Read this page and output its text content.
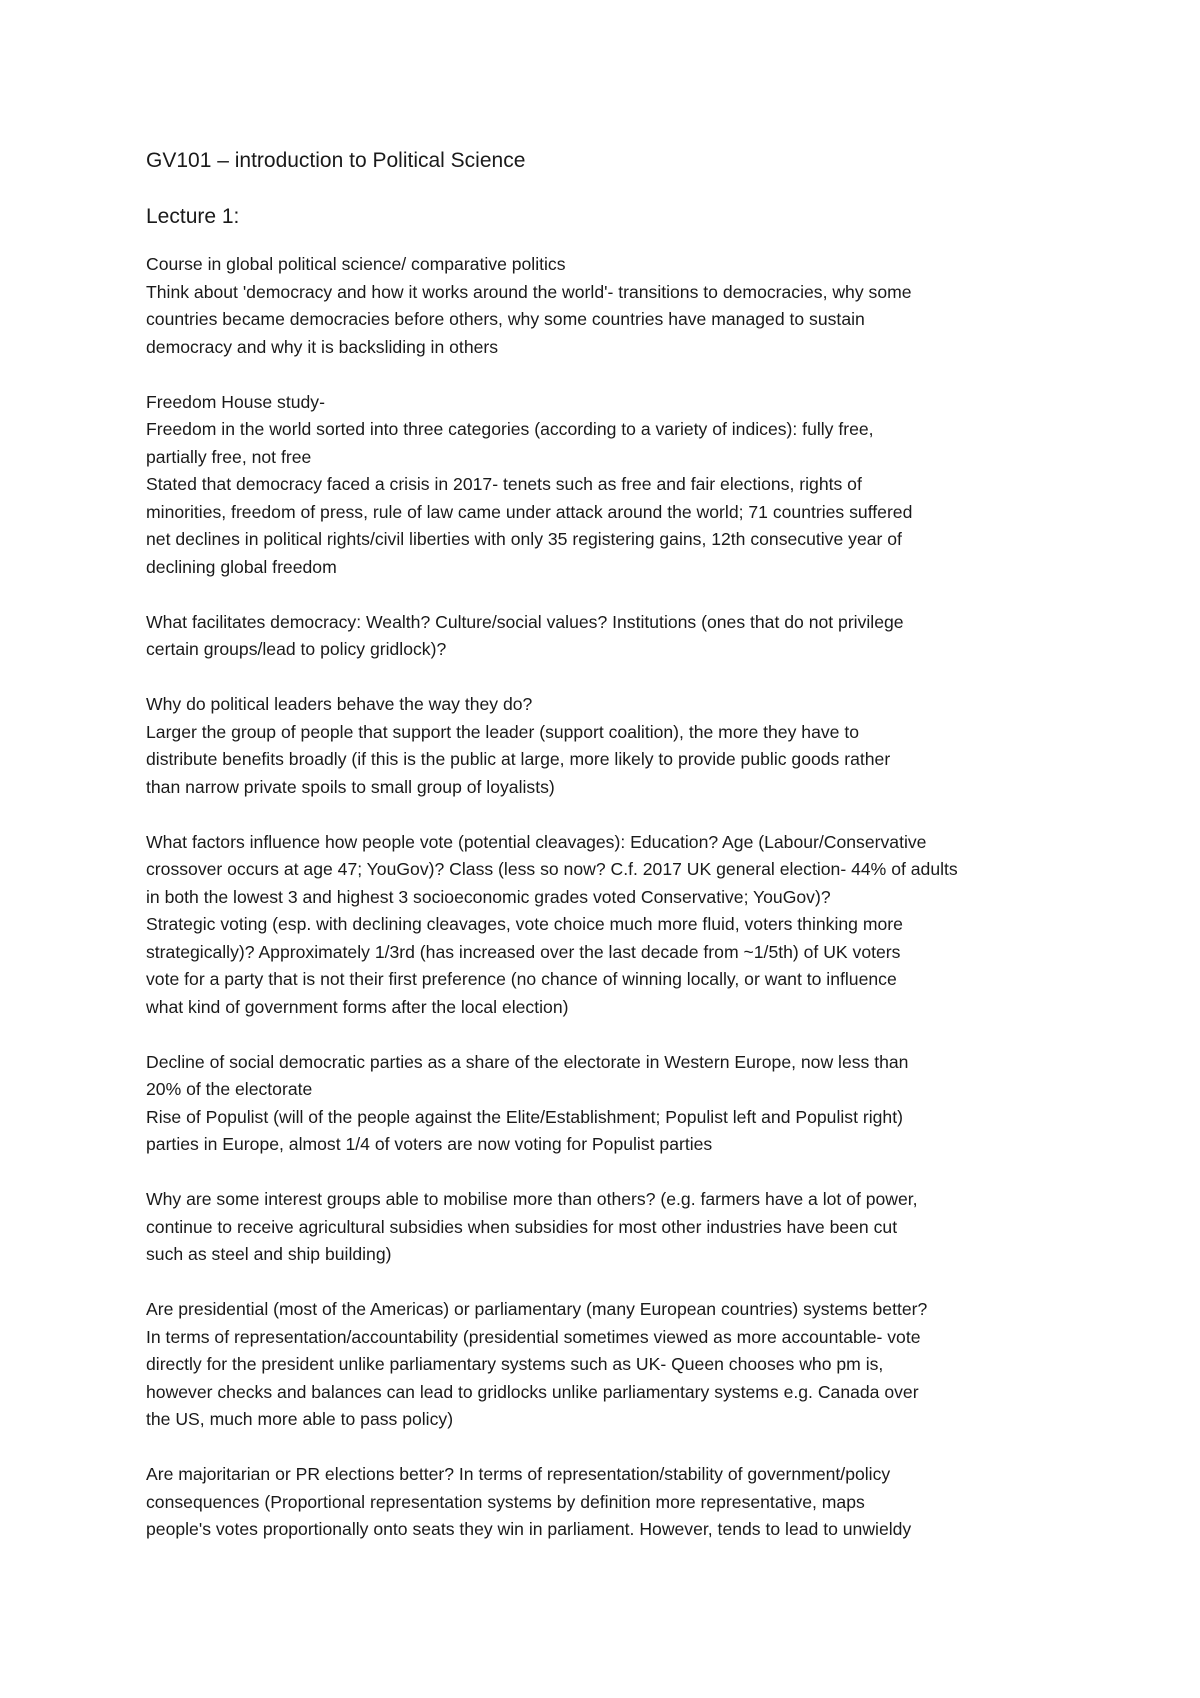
GV101 – introduction to Political Science
Lecture 1:
Course in global political science/ comparative politics
Think about 'democracy and how it works around the world'- transitions to democracies, why some
countries became democracies before others, why some countries have managed to sustain
democracy and why it is backsliding in others
Freedom House study-
Freedom in the world sorted into three categories (according to a variety of indices): fully free,
partially free, not free
Stated that democracy faced a crisis in 2017- tenets such as free and fair elections, rights of
minorities, freedom of press, rule of law came under attack around the world; 71 countries suffered
net declines in political rights/civil liberties with only 35 registering gains, 12th consecutive year of
declining global freedom
What facilitates democracy: Wealth? Culture/social values? Institutions (ones that do not privilege
certain groups/lead to policy gridlock)?
Why do political leaders behave the way they do?
Larger the group of people that support the leader (support coalition), the more they have to
distribute benefits broadly (if this is the public at large, more likely to provide public goods rather
than narrow private spoils to small group of loyalists)
What factors influence how people vote (potential cleavages): Education? Age (Labour/Conservative
crossover occurs at age 47; YouGov)? Class (less so now? C.f. 2017 UK general election- 44% of adults
in both the lowest 3 and highest 3 socioeconomic grades voted Conservative; YouGov)?
Strategic voting (esp. with declining cleavages, vote choice much more fluid, voters thinking more
strategically)? Approximately 1/3rd (has increased over the last decade from ~1/5th) of UK voters
vote for a party that is not their first preference (no chance of winning locally, or want to influence
what kind of government forms after the local election)
Decline of social democratic parties as a share of the electorate in Western Europe, now less than
20% of the electorate
Rise of Populist (will of the people against the Elite/Establishment; Populist left and Populist right)
parties in Europe, almost 1/4 of voters are now voting for Populist parties
Why are some interest groups able to mobilise more than others? (e.g. farmers have a lot of power,
continue to receive agricultural subsidies when subsidies for most other industries have been cut
such as steel and ship building)
Are presidential (most of the Americas) or parliamentary (many European countries) systems better?
In terms of representation/accountability (presidential sometimes viewed as more accountable- vote
directly for the president unlike parliamentary systems such as UK- Queen chooses who pm is,
however checks and balances can lead to gridlocks unlike parliamentary systems e.g. Canada over
the US, much more able to pass policy)
Are majoritarian or PR elections better? In terms of representation/stability of government/policy
consequences (Proportional representation systems by definition more representative, maps
people's votes proportionally onto seats they win in parliament. However, tends to lead to unwieldy
